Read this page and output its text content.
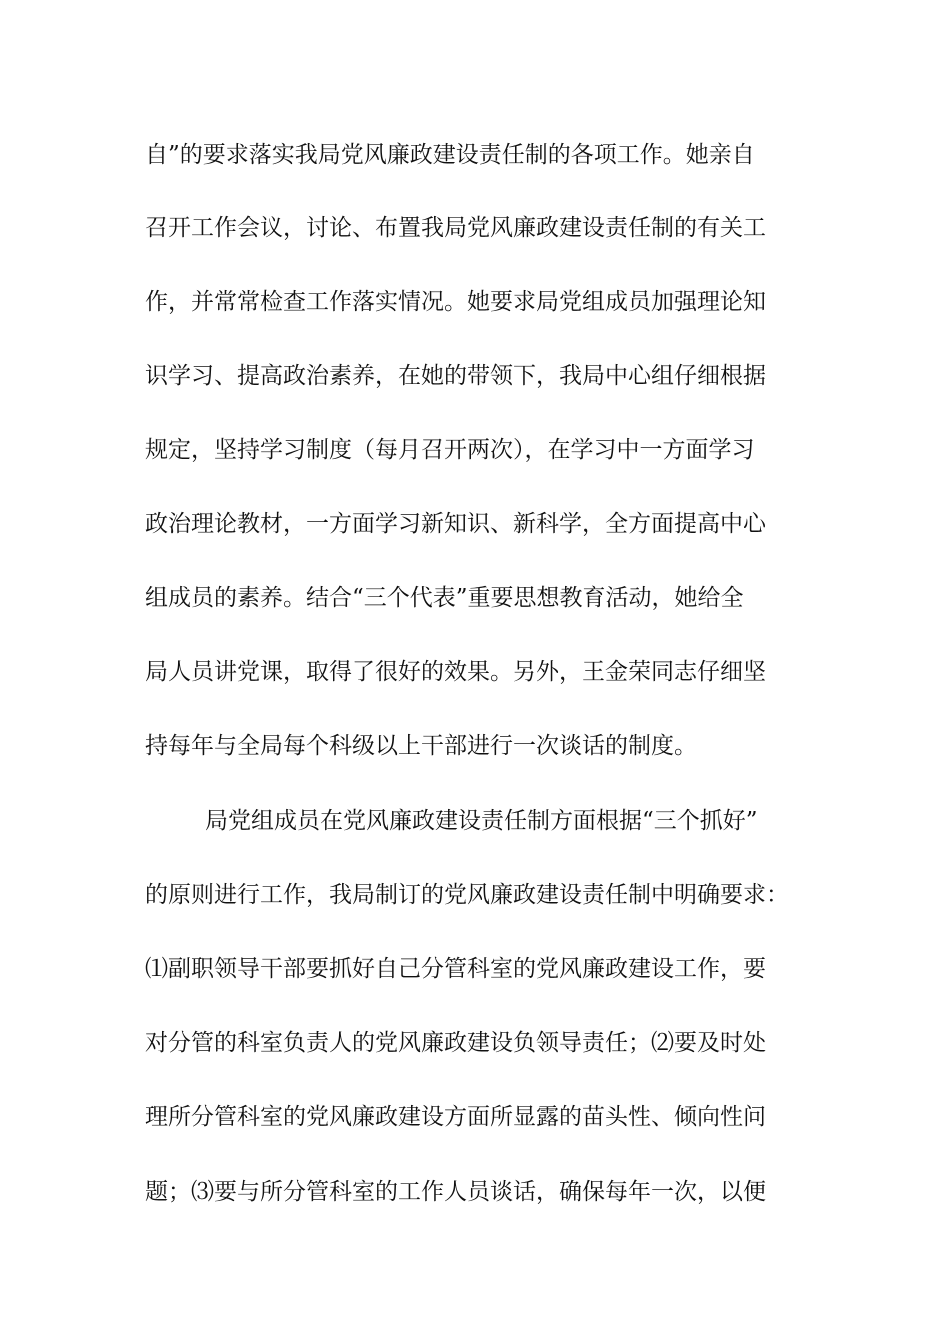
自”的要求落实我局党风廉政建设责任制的各项工作。她亲自
召开工作会议，讨论、布置我局党风廉政建设责任制的有关工
作，并常常检查工作落实情况。她要求局党组成员加强理论知
识学习、提高政治素养，在她的带领下，我局中心组仔细根据
规定，坚持学习制度（每月召开两次），在学习中一方面学习
政治理论教材，一方面学习新知识、新科学，全方面提高中心
组成员的素养。结合“三个代表”重要思想教育活动，她给全
局人员讲党课，取得了很好的效果。另外，王金荣同志仔细坚
持每年与全局每个科级以上干部进行一次谈话的制度。
局党组成员在党风廉政建设责任制方面根据“三个抓好”
的原则进行工作，我局制订的党风廉政建设责任制中明确要求：
⑴副职领导干部要抓好自己分管科室的党风廉政建设工作，要
对分管的科室负责人的党风廉政建设负领导责任；⑵要及时处
理所分管科室的党风廉政建设方面所显露的苗头性、倾向性问
题；⑶要与所分管科室的工作人员谈话，确保每年一次，以便
